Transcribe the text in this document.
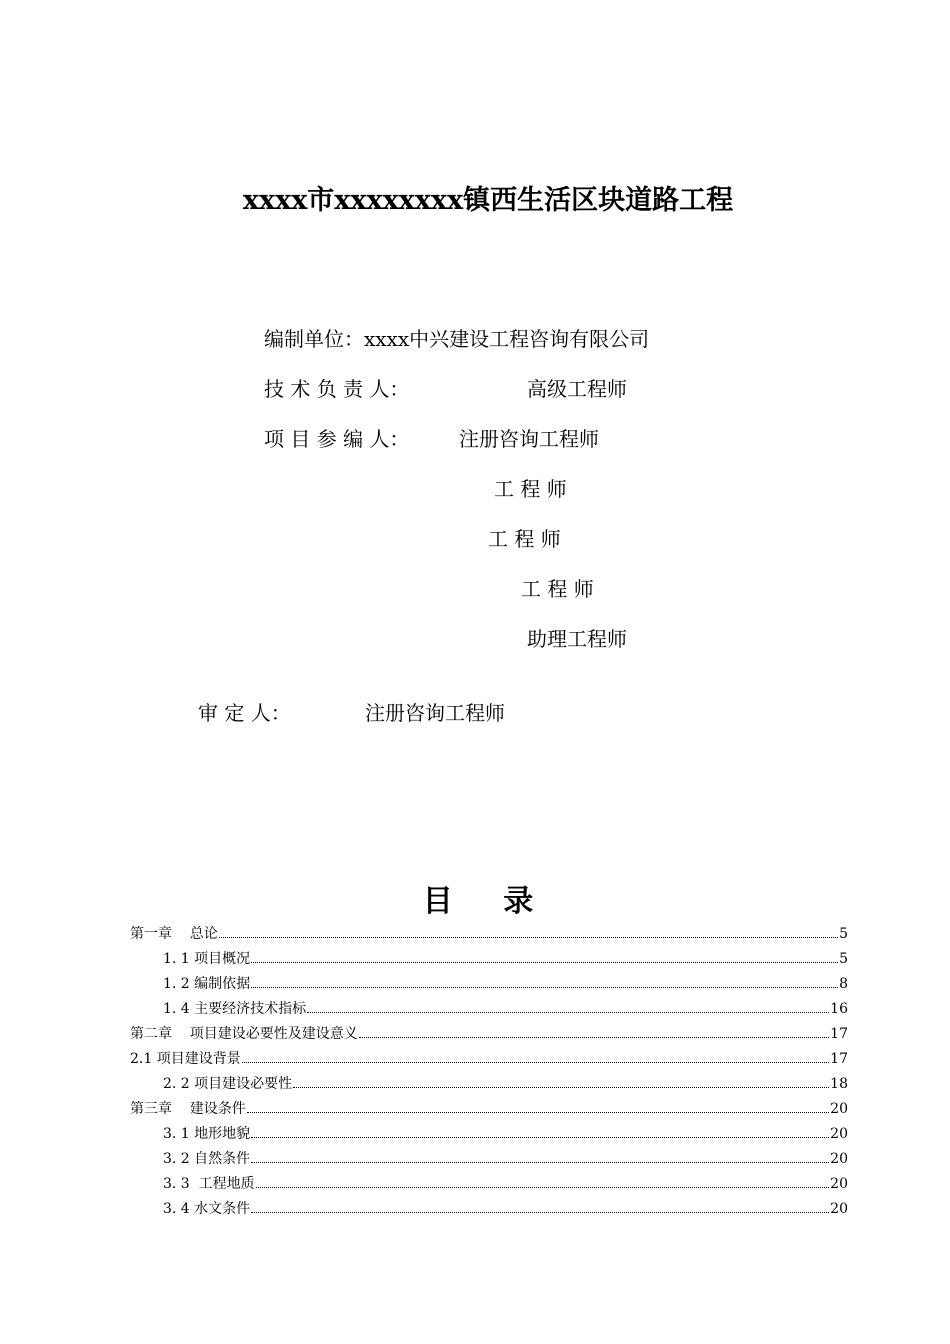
xxxx市xxxxxxxx镇西生活区块道路工程
编制单位：xxxx中兴建设工程咨询有限公司
技 术 负 责 人：	高级工程师
项 目 参 编 人： 注册咨询工程师
工 程 师
工 程 师
工 程 师
助理工程师
审 定 人：	注册咨询工程师
目 录
第一章    总论	5
1. 1 项目概况	5
1. 2 编制依据	8
1. 4 主要经济技术指标	16
第二章    项目建设必要性及建设意义	17
2.1 项目建设背景	17
2. 2 项目建设必要性	18
第三章    建设条件	20
3. 1 地形地貌	20
3. 2 自然条件	20
3. 3  工程地质	20
3. 4 水文条件	20
